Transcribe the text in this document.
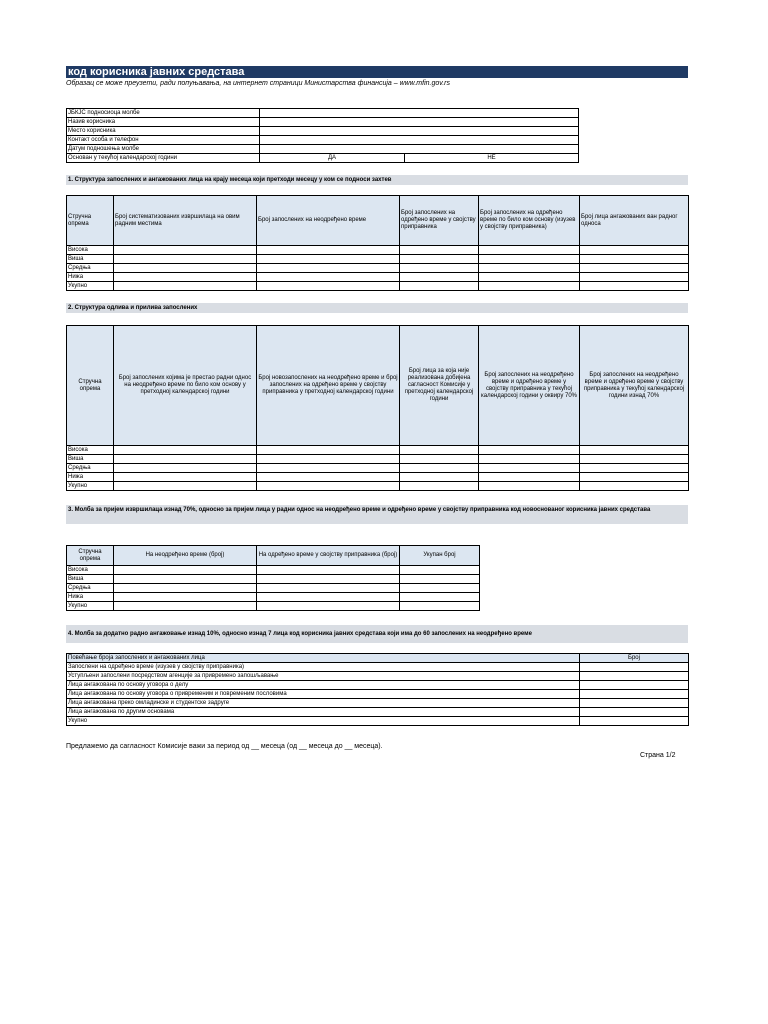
код корисника јавних средстава
Образац се може преузети, ради попуњавања, на интернет страници Министарства финансија – www.mfin.gov.rs
ЈБКЈС подносиоца молбе		
Назив корисника		
Место корисника		
Контакт особа и телефон		
Датум подношења молбе		
Основан у текућој календарској години	ДА	НЕ
1. Структура запослених и ангажованих лица на крају месеца који претходи месецу у ком се подноси захтев
Стручна опрема	Број систематизованих извршилаца на овим радним местима	Број запослених на неодређено време	Број запослених на одређено време у својству приправника	Број запослених на одређено време по било ком основу (изузев у својству приправника)	Број лица ангажованих ван радног односа
Висока					
Виша					
Средња					
Нижа					
Укупно					
2. Структура одлива и прилива запослених
Стручна опрема	Број запослених којима је престао радни однос на неодређено време по било ком основу у претходној календарској години	Број новозапослених на неодређено време и број запослених на одређено време у својству приправника у претходној календарској години	Број лица за која није реализована добијена сагласност Комисије у претходној календарској години	Број запослених на неодређено време и одређено време у својству приправника у текућој календарској години у оквиру 70%	Број запослених на неодређено време и одређено време у својству приправника у текућој календарској години изнад 70%
Висока					
Виша					
Средња					
Нижа					
Укупно					
3. Молба за пријем извршилаца изнад 70%, односно за пријем лица у радни однос на неодређено време и одређено време у својству приправника код новоснованог корисника јавних средстава
Стручна опрема	На неодређено време (број)	На одређено време у својству приправника (број)	Укупан број
Висока			
Виша			
Средња			
Нижа			
Укупно			
4. Молба за додатно радно ангажовање изнад 10%, односно изнад 7 лица код корисника јавних средстава који има до 60 запослених на неодређено време
Повећање броја запослених и ангажованих лица	Број
Запослени на одређено време (изузев у својству приправника)	
Уступљени запослени посредством агенције за привремено запошљавање	
Лица ангажована по основу уговора о делу	
Лица ангажована по основу уговора о привременим и повременим пословима	
Лица ангажована преко омладинске и студентске задруге	
Лица ангажована по другим основама	
Укупно	
Предлажемо да сагласност Комисије важи за период од __ месеца (од __ месеца до __ месеца).
Страна 1/2
